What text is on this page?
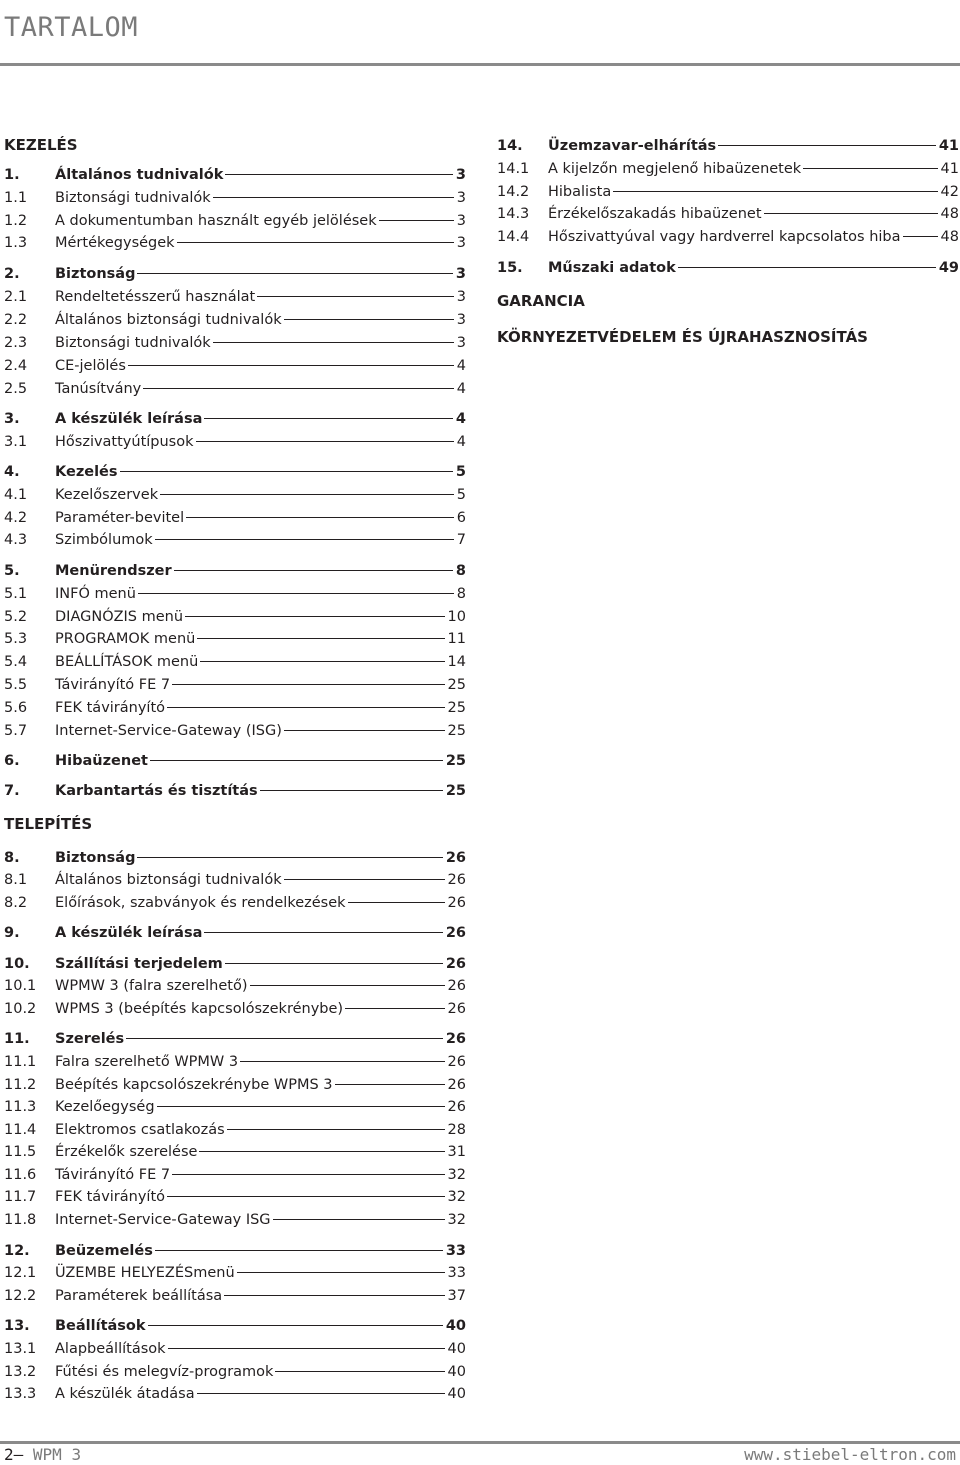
TARTALOM
1. Általános tudnivalók	3
1.1 Biztonsági tudnivalók	3
1.2 A dokumentumban használt egyéb jelölések	3
1.3 Mértékegységek	3
2. Biztonság	3
2.1 Rendeltetésszerű használat	3
2.2 Általános biztonsági tudnivalók	3
2.3 Biztonsági tudnivalók	3
2.4 CE-jelölés	4
2.5 Tanúsítvány	4
3. A készülék leírása	4
3.1 Hőszivattyútípusok	4
4. Kezelés	5
4.1 Kezelőszervek	5
4.2 Paraméter-bevitel	6
4.3 Szimbólumok	7
5. Menürendszer	8
5.1 INFÓ menü	8
5.2 DIAGNÓZIS menü	10
5.3 PROGRAMOK menü	11
5.4 BEÁLLÍTÁSOK menü	14
5.5 Távirányító FE 7	25
5.6 FEK távirányító	25
5.7 Internet-Service-Gateway (ISG)	25
6. Hibaüzenet	25
7. Karbantartás és tisztítás	25
8. Biztonság	26
8.1 Általános biztonsági tudnivalók	26
8.2 Előírások, szabványok és rendelkezések	26
9. A készülék leírása	26
10. Szállítási terjedelem	26
10.1 WPMW 3 (falra szerelhető)	26
10.2 WPMS 3 (beépítés kapcsolószekrénybe)	26
11. Szerelés	26
11.1 Falra szerelhető WPMW 3	26
11.2 Beépítés kapcsolószekrénybe WPMS 3	26
11.3 Kezelőegység	26
11.4 Elektromos csatlakozás	28
11.5 Érzékelők szerelése	31
11.6 Távirányító FE 7	32
11.7 FEK távirányító	32
11.8 Internet-Service-Gateway ISG	32
12. Beüzemelés	33
12.1 ÜZEMBE HELYEZÉSmenü	33
12.2 Paraméterek beállítása	37
13. Beállítások	40
13.1 Alapbeállítások	40
13.2 Fűtési és melegvíz-programok	40
13.3 A készülék átadása	40
KEZELÉS
TELEPÍTÉS
14. Üzemzavar-elhárítás	41
14.1 A kijelzőn megjelenő hibaüzenetek	41
14.2 Hibalista	42
14.3 Érzékelőszakadás hibaüzenet	48
14.4 Hőszivattyúval vagy hardverrel kapcsolatos hiba	48
15. Műszaki adatok	49
GARANCIA
KÖRNYEZETVÉDELEM ÉS ÚJRAHASZNOSÍTÁS
2— WPM 3	www.stiebel-eltron.com
